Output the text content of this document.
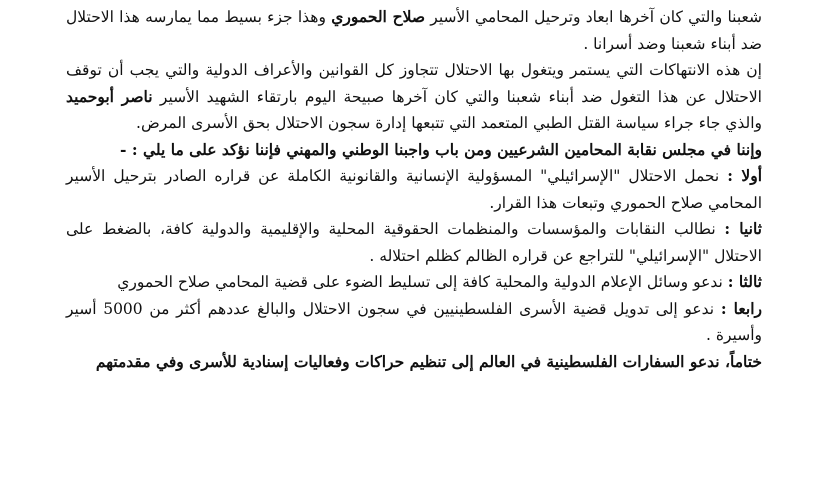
شعبنا والتي كان آخرها ابعاد وترحيل المحامي الأسير صلاح الحموري وهذا جزء بسيط مما يمارسه هذا الاحتلال ضد أبناء شعبنا وضد أسرانا .

إن هذه الانتهاكات التي يستمر ويتغول بها الاحتلال تتجاوز كل القوانين والأعراف الدولية والتي يجب أن توقف الاحتلال عن هذا التغول ضد أبناء شعبنا والتي كان آخرها صبيحة اليوم بارتقاء الشهيد الأسير ناصر أبوحميد والذي جاء جراء سياسة القتل الطبي المتعمد التي تتبعها إدارة سجون الاحتلال بحق الأسرى المرض.

وإننا في مجلس نقابة المحامين الشرعيين ومن باب واجبنا الوطني والمهني فإننا نؤكد على ما يلي : -

أولا : نحمل الاحتلال "الإسرائيلي" المسؤولية الإنسانية والقانونية الكاملة عن قراره الصادر بترحيل الأسير المحامي صلاح الحموري وتبعات هذا القرار.

ثانيا : نطالب النقابات والمؤسسات والمنظمات الحقوقية المحلية والإقليمية والدولية كافة، بالضغط على الاحتلال "الإسرائيلي" للتراجع عن قراره الظالم كظلم احتلاله .

ثالثا : ندعو وسائل الإعلام الدولية والمحلية كافة إلى تسليط الضوء على قضية المحامي صلاح الحموري

رابعا : ندعو إلى تدويل قضية الأسرى الفلسطينيين في سجون الاحتلال والبالغ عددهم أكثر من 5000 أسير وأسيرة .

ختاماً، ندعو السفارات الفلسطينية في العالم إلى تنظيم حراكات وفعاليات إسنادية للأسرى وفي مقدمتهم
